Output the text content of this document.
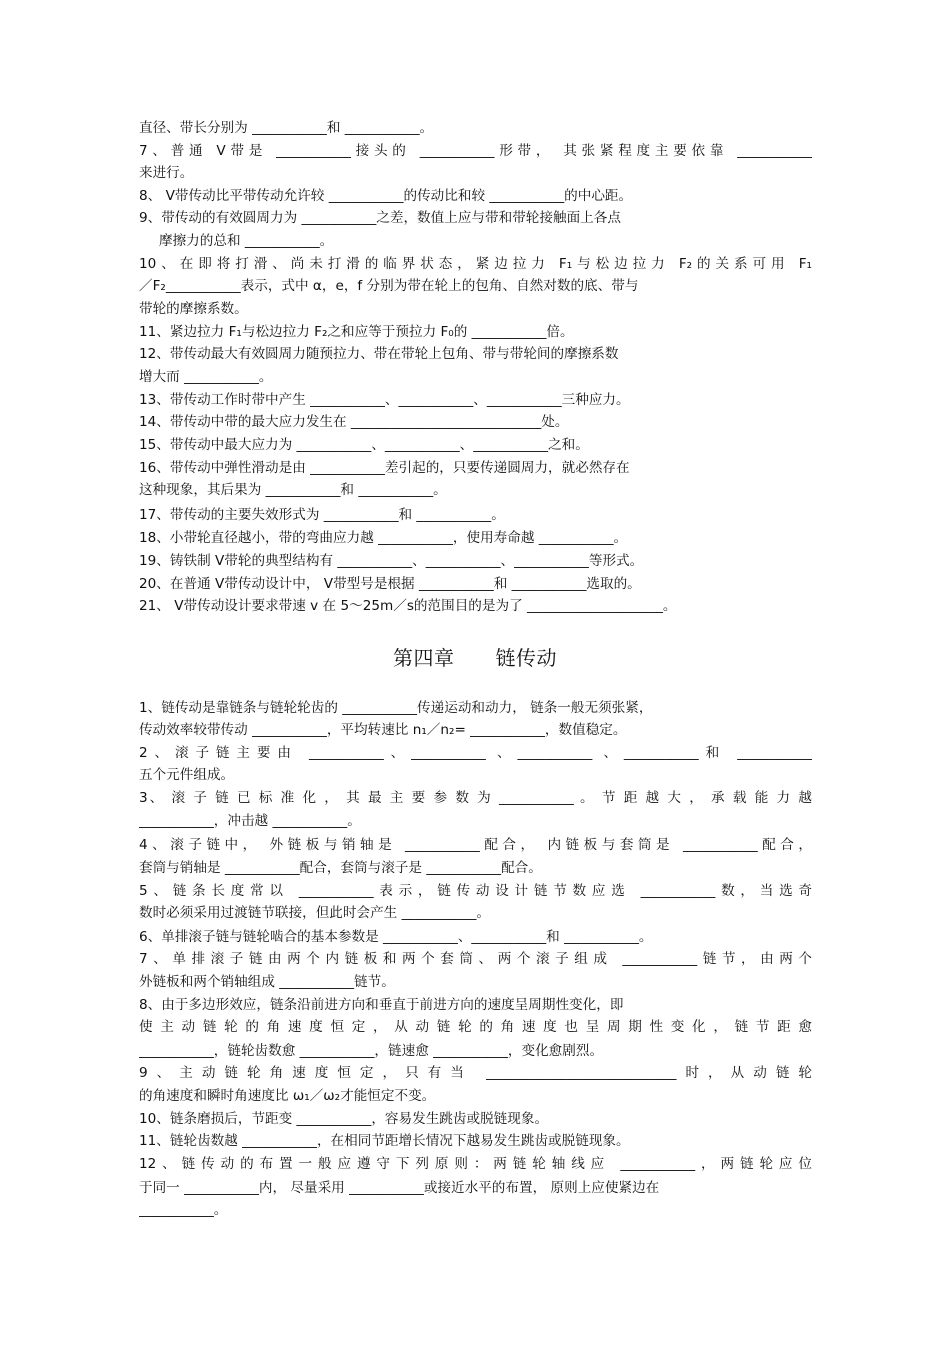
直径、带长分别为 ___________和 ___________。
7、普通 V带是 ___________接头的 ___________形带， 其张紧程度主要依靠 ___________
来进行。
8、 V带传动比平带传动允许较 ___________的传动比和较 ___________的中心距。
9、带传动的有效圆周力为 ___________之差，数值上应与带和带轮接触面上各点
摩擦力的总和 ___________。
10、在即将打滑、尚未打滑的临界状态，紧边拉力 F₁与松边拉力 F₂的关系可用 F₁
／F₂___________表示，式中 α，e，f 分别为带在轮上的包角、自然对数的底、带与
带轮的摩擦系数。
11、紧边拉力 F₁与松边拉力 F₂之和应等于预拉力 F₀的 ___________倍。
12、带传动最大有效圆周力随预拉力、带在带轮上包角、带与带轮间的摩擦系数
增大而 ___________。
13、带传动工作时带中产生 ___________、___________、___________三种应力。
14、带传动中带的最大应力发生在 ____________________________处。
15、带传动中最大应力为 ___________、___________、___________之和。
16、带传动中弹性滑动是由 ___________差引起的，只要传递圆周力，就必然存在
这种现象，其后果为 ___________和 ___________。
17、带传动的主要失效形式为 ___________和 ___________。
18、小带轮直径越小，带的弯曲应力越 ___________，使用寿命越 ___________。
19、铸铁制 V带轮的典型结构有 ___________、___________、___________等形式。
20、在普通 V带传动设计中， V带型号是根据 ___________和 ___________选取的。
21、 V带传动设计要求带速 v 在 5～25m／s的范围目的是为了 ____________________。
第四章　　链传动
1、链传动是靠链条与链轮轮齿的 ___________传递运动和动力， 链条一般无须张紧，
传动效率较带传动 ___________，平均转速比 n₁／n₂= ___________，数值稳定。
2、滚子链主要由 ___________、___________ 、___________ 、___________和 ___________
五个元件组成。
3、 滚 子 链 已 标 准 化 ， 其 最 主 要 参 数 为 ___________ 。 节 距 越 大 ， 承 载 能 力 越
___________，冲击越 ___________。
4、滚子链中， 外链板与销轴是 ___________配合， 内链板与套筒是 ___________配合，
套筒与销轴是 ___________配合，套筒与滚子是 ___________配合。
5、链条长度常以 ___________表示，链传动设计链节数应选 ___________数，当选奇
数时必须采用过渡链节联接，但此时会产生 ___________。
6、单排滚子链与链轮啮合的基本参数是 ___________、___________和 ___________。
7、单排滚子链由两个内链板和两个套筒、两个滚子组成 ___________链节，由两个
外链板和两个销轴组成 ___________链节。
8、由于多边形效应，链条沿前进方向和垂直于前进方向的速度呈周期性变化，即
使 主 动 链 轮 的 角 速 度 恒 定 ， 从 动 链 轮 的 角 速 度 也 呈 周 期 性 变 化 ， 链 节 距 愈
___________，链轮齿数愈 ___________，链速愈 ___________，变化愈剧烈。
9、主动链轮角速度恒定，只有当 ____________________________时，从动链轮
的角速度和瞬时角速度比 ω₁／ω₂才能恒定不变。
10、链条磨损后，节距变 ___________，容易发生跳齿或脱链现象。
11、链轮齿数越 ___________，在相同节距增长情况下越易发生跳齿或脱链现象。
12、链传动的布置一般应遵守下列原则：两链轮轴线应 ___________，两链轮应位
于同一 ___________内， 尽量采用 ___________或接近水平的布置， 原则上应使紧边在
___________。
